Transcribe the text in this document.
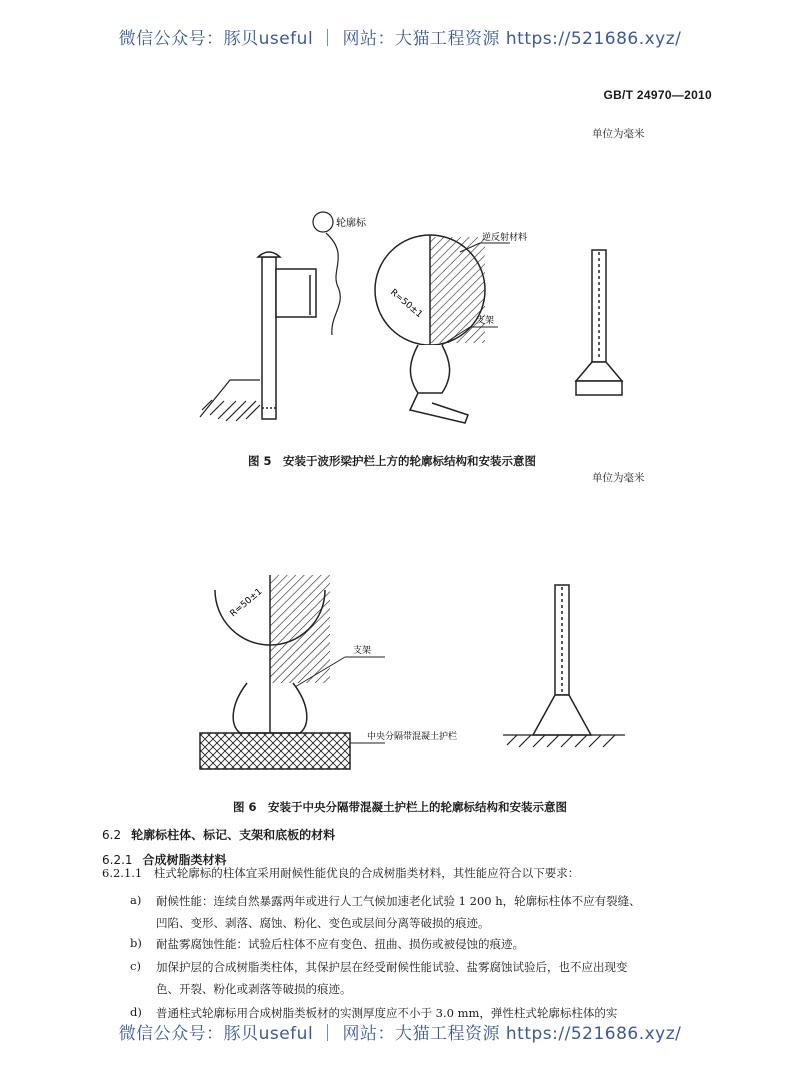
微信公众号：豚贝useful ｜ 网站：大猫工程资源 https://521686.xyz/
GB/T 24970—2010
单位为毫米
轮廓标
R=50±1
逆反射材料
支架
图 5　安装于波形梁护栏上方的轮廓标结构和安装示意图
单位为毫米
R=50±1
支架
中央分隔带混凝土护栏
图 6　安装于中央分隔带混凝土护栏上的轮廓标结构和安装示意图
6.2 轮廓标柱体、标记、支架和底板的材料
6.2.1 合成树脂类材料
6.2.1.1　柱式轮廓标的柱体宜采用耐候性能优良的合成树脂类材料，其性能应符合以下要求：
a) 耐候性能：连续自然暴露两年或进行人工气候加速老化试验 1 200 h，轮廓标柱体不应有裂缝、
凹陷、变形、剥落、腐蚀、粉化、变色或层间分离等破损的痕迹。
b) 耐盐雾腐蚀性能：试验后柱体不应有变色、扭曲、损伤或被侵蚀的痕迹。
c) 加保护层的合成树脂类柱体，其保护层在经受耐候性能试验、盐雾腐蚀试验后，也不应出现变
色、开裂、粉化或剥落等破损的痕迹。
d) 普通柱式轮廓标用合成树脂类板材的实测厚度应不小于 3.0 mm，弹性柱式轮廓标柱体的实
微信公众号：豚贝useful ｜ 网站：大猫工程资源 https://521686.xyz/
